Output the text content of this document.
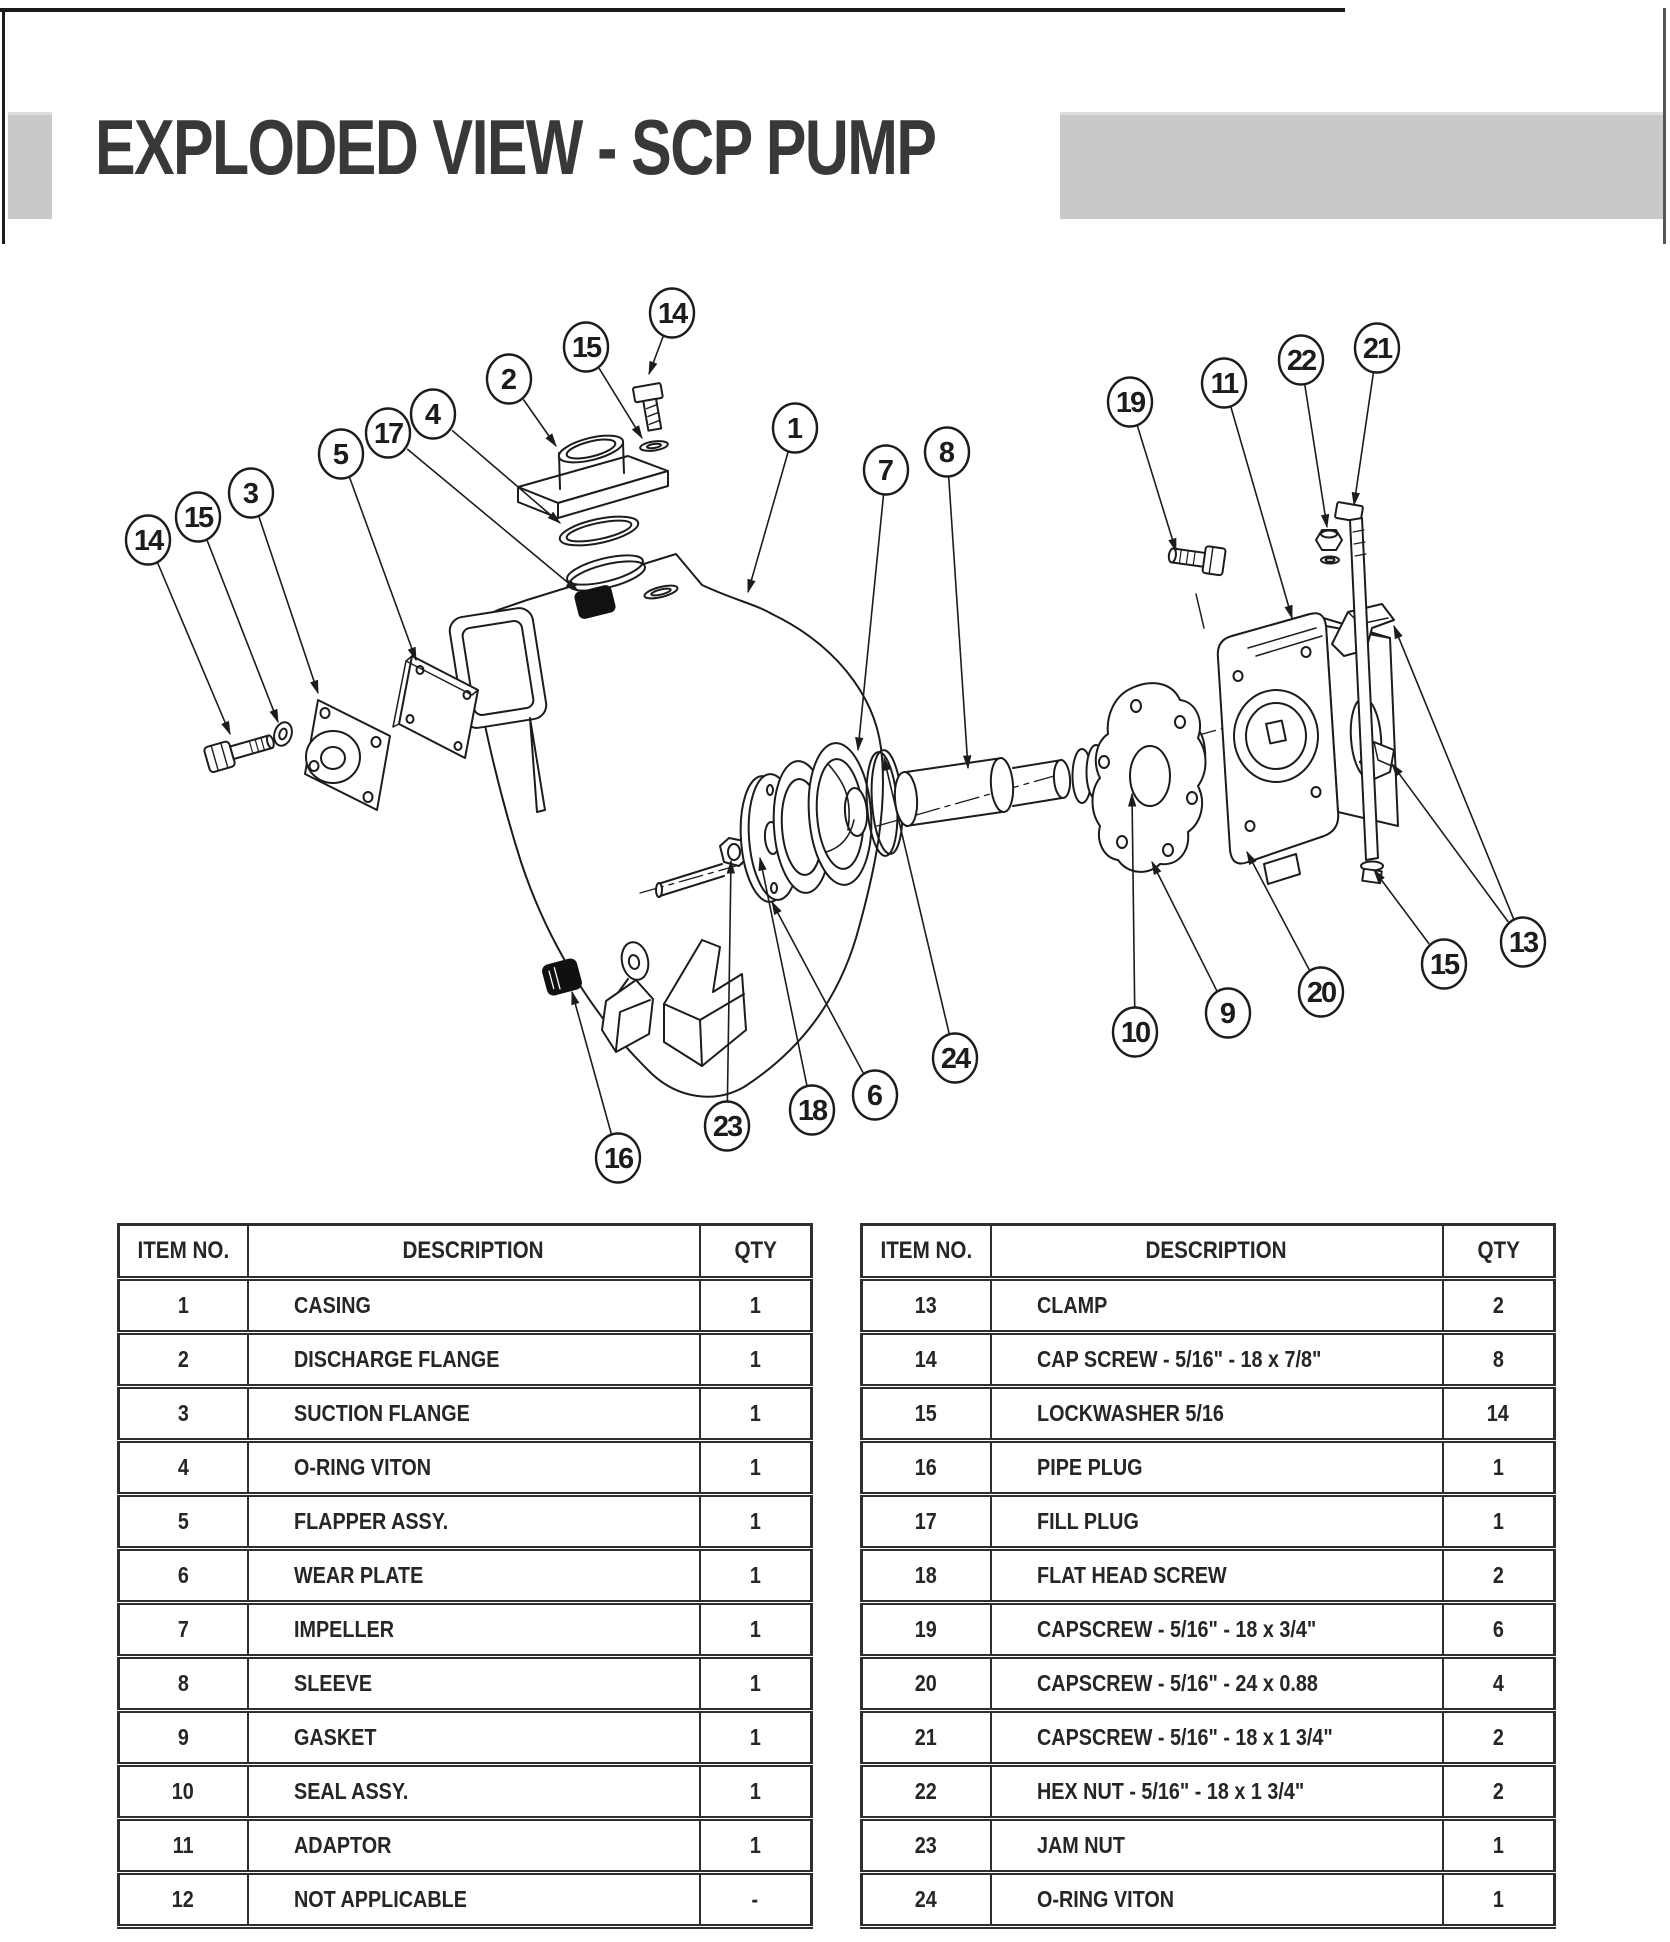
EXPLODED VIEW - SCP PUMP
1
2
3
4
5
6
7
8
9
10
11
13
14
14
15
15
15
16
17
18
19
20
21
22
23
24
ITEM NO.	DESCRIPTION	QTY
1	CASING	1
2	DISCHARGE FLANGE	1
3	SUCTION FLANGE	1
4	O-RING VITON	1
5	FLAPPER ASSY.	1
6	WEAR PLATE	1
7	IMPELLER	1
8	SLEEVE	1
9	GASKET	1
10	SEAL ASSY.	1
11	ADAPTOR	1
12	NOT APPLICABLE	-
ITEM NO.	DESCRIPTION	QTY
13	CLAMP	2
14	CAP SCREW - 5/16" - 18 x 7/8"	8
15	LOCKWASHER 5/16	14
16	PIPE PLUG	1
17	FILL PLUG	1
18	FLAT HEAD SCREW	2
19	CAPSCREW - 5/16" - 18 x 3/4"	6
20	CAPSCREW - 5/16" - 24 x 0.88	4
21	CAPSCREW - 5/16" - 18 x 1 3/4"	2
22	HEX NUT - 5/16" - 18 x 1 3/4"	2
23	JAM NUT	1
24	O-RING VITON	1
